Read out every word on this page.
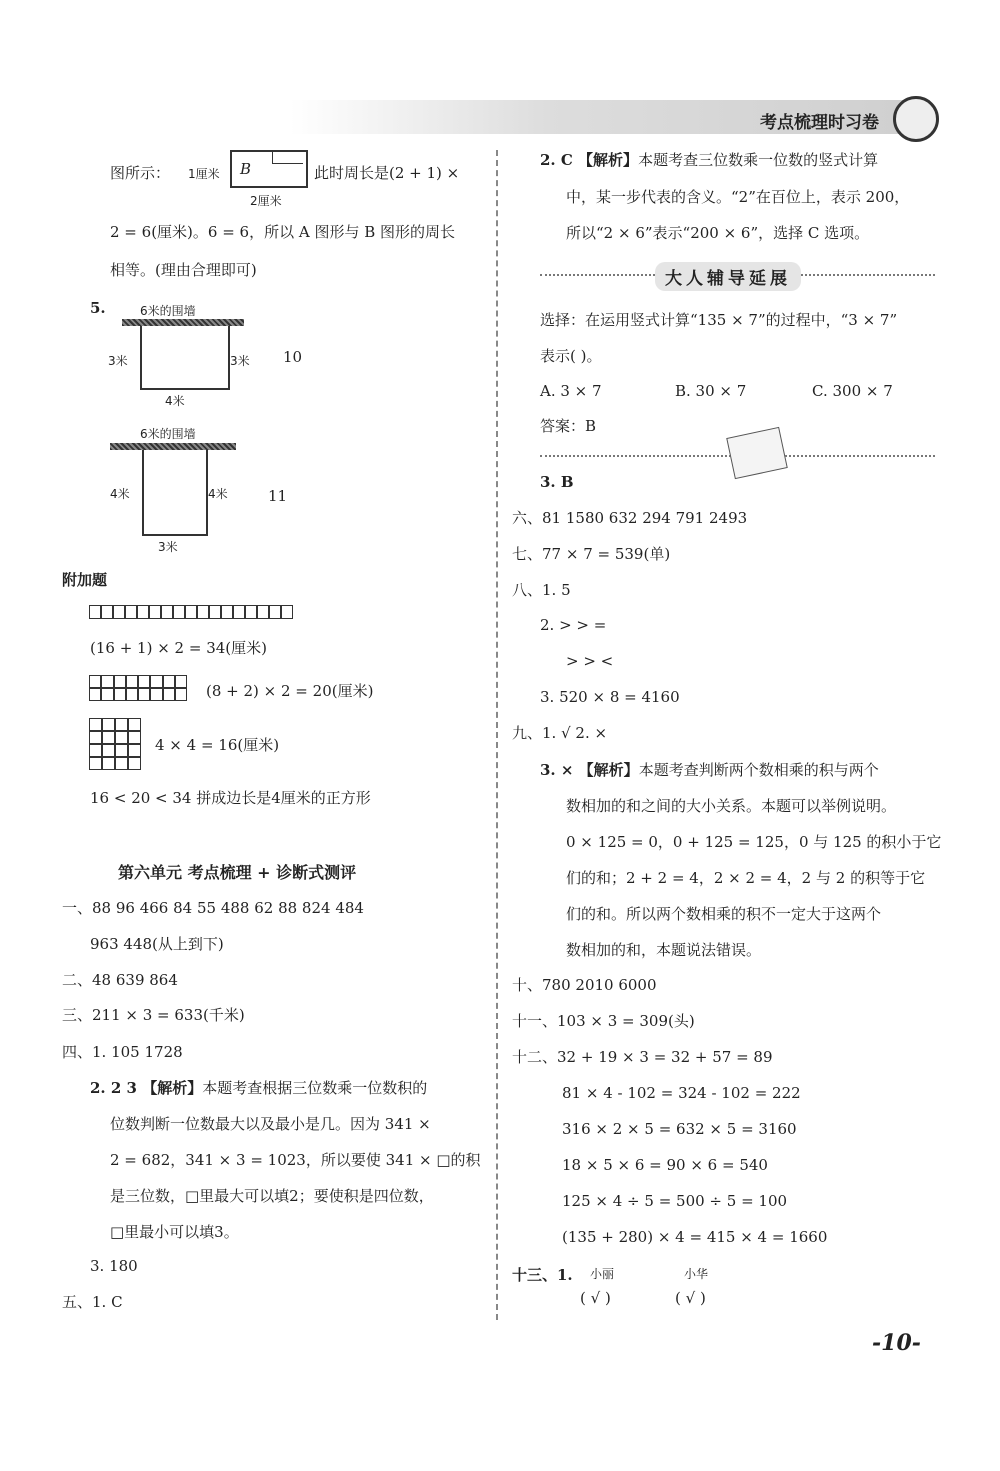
考点梳理时习卷
图所示： 1厘米 B
2厘米
此时周长是(2 + 1) ×
2 = 6(厘米)。6 = 6，所以 A 图形与 B 图形的周长
相等。(理由合理即可)
5.	6米的围墙
3米	3米
4米
10
6米的围墙
4米	4米
3米
11
附加题
(16 + 1) × 2 = 34(厘米)
(8 + 2) × 2 = 20(厘米)
4 × 4 = 16(厘米)
16 < 20 < 34 拼成边长是4厘米的正方形
第六单元 考点梳理 + 诊断式测评
一、88 96 466 84 55 488 62 88 824 484
963 448(从上到下)
二、48 639 864
三、211 × 3 = 633(千米)
四、1. 105 1728
2. 2 3 【解析】本题考查根据三位数乘一位数积的
位数判断一位数最大以及最小是几。因为 341 ×
2 = 682，341 × 3 = 1023，所以要使 341 × □的积
是三位数，□里最大可以填2；要使积是四位数，
□里最小可以填3。
3. 180
五、1. C
2. C 【解析】本题考查三位数乘一位数的竖式计算
中，某一步代表的含义。“2”在百位上，表示 200，
所以“2 × 6”表示“200 × 6”，选择 C 选项。
大人辅导延展
选择：在运用竖式计算“135 × 7”的过程中，“3 × 7”
表示( )。
A. 3 × 7	B. 30 × 7	C. 300 × 7
答案：B
3. B
六、81 1580 632 294 791 2493
七、77 × 7 = 539(单)
八、1. 5
2. > > =
> > <
3. 520 × 8 = 4160
九、1. √ 2. ×
3. × 【解析】本题考查判断两个数相乘的积与两个
数相加的和之间的大小关系。本题可以举例说明。
0 × 125 = 0，0 + 125 = 125，0 与 125 的积小于它
们的和；2 + 2 = 4，2 × 2 = 4，2 与 2 的积等于它
们的和。所以两个数相乘的积不一定大于这两个
数相加的和，本题说法错误。
十、780 2010 6000
十一、103 × 3 = 309(头)
十二、32 + 19 × 3 = 32 + 57 = 89
81 × 4 - 102 = 324 - 102 = 222
316 × 2 × 5 = 632 × 5 = 3160
18 × 5 × 6 = 90 × 6 = 540
125 × 4 ÷ 5 = 500 ÷ 5 = 100
(135 + 280) × 4 = 415 × 4 = 1660
十三、1. 小丽	小华
( √ )	( √ )
-10-
